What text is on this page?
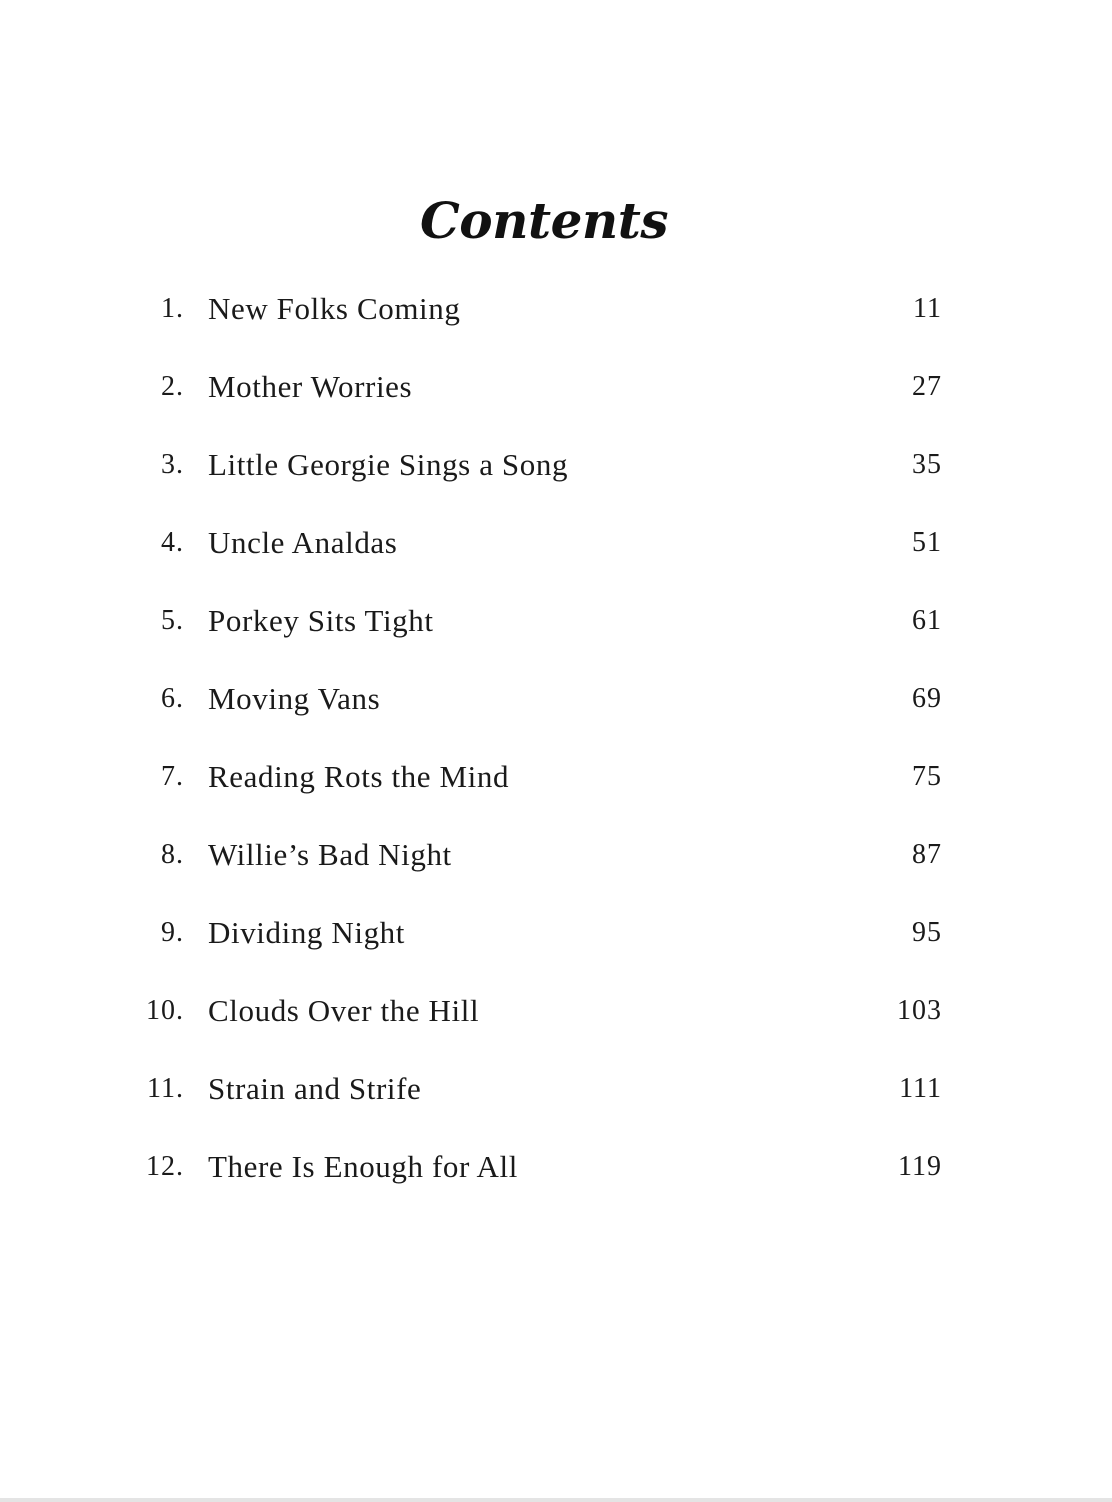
Contents
1. New Folks Coming	11
2. Mother Worries	27
3. Little Georgie Sings a Song	35
4. Uncle Analdas	51
5. Porkey Sits Tight	61
6. Moving Vans	69
7. Reading Rots the Mind	75
8. Willie’s Bad Night	87
9. Dividing Night	95
10. Clouds Over the Hill	103
11. Strain and Strife	111
12. There Is Enough for All	119
